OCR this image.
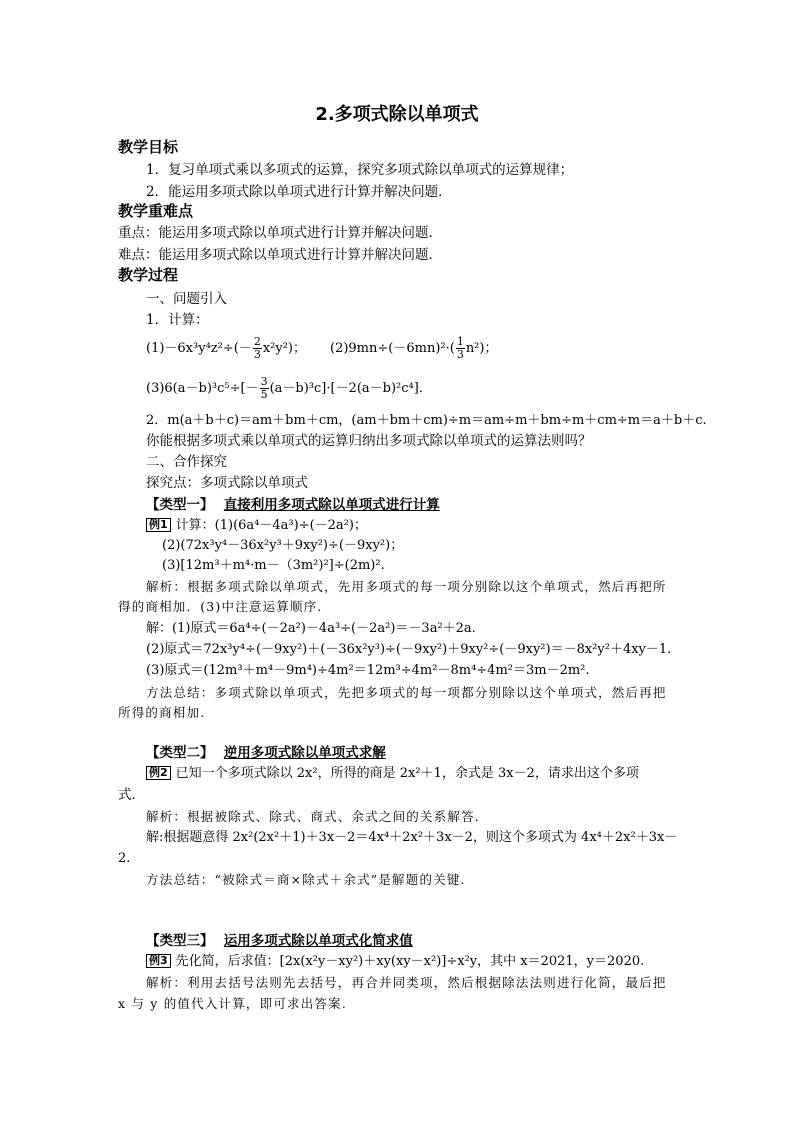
2.多项式除以单项式
教学目标
1．复习单项式乘以多项式的运算，探究多项式除以单项式的运算规律；
2．能运用多项式除以单项式进行计算并解决问题．
教学重难点
重点：能运用多项式除以单项式进行计算并解决问题．
难点：能运用多项式除以单项式进行计算并解决问题．
教学过程
一、问题引入
1．计算：
$(1)-6x^3y^4z^2\div(- \frac{2}{3} x^2y^2)$； $(2)9mn\div(-6mn)^2\cdot( \frac{1}{3} n^2)$；
$(3)6(a-b)^3c^5\div[- \frac{3}{5} (a-b)^3c]\cdot[-2(a-b)^2c^4]$．
2．m(a＋b＋c)＝am＋bm＋cm，(am＋bm＋cm)÷m＝am÷m＋bm÷m＋cm÷m＝a＋b＋c.
你能根据多项式乘以单项式的运算归纳出多项式除以单项式的运算法则吗？
二、合作探究
探究点：多项式除以单项式
【类型一】 直接利用多项式除以单项式进行计算
例1 计算：(1)(6a⁴－4a³)÷(－2a²)；
(2)(72x³y⁴－36x²y³＋9xy²)÷(－9xy²)；
(3)[12m³＋m⁴·m－（3m²)²]÷(2m)².
解析：根据多项式除以单项式，先用多项式的每一项分别除以这个单项式，然后再把所
得的商相加．(3)中注意运算顺序.
解：(1)原式＝6a⁴÷(－2a²)－4a³÷(－2a²)＝－3a²＋2a.
(2)原式＝72x³y⁴÷(－9xy²)＋(－36x²y³)÷(－9xy²)＋9xy²÷(－9xy²)＝－8x²y²＋4xy－1.
(3)原式＝(12m³＋m⁴－9m⁴)÷4m²＝12m³÷4m²－8m⁴÷4m²＝3m－2m².
方法总结：多项式除以单项式，先把多项式的每一项都分别除以这个单项式，然后再把
所得的商相加.
【类型二】 逆用多项式除以单项式求解
例2 已知一个多项式除以 2x²，所得的商是 2x²＋1，余式是 3x－2，请求出这个多项
式．
解析：根据被除式、除式、商式、余式之间的关系解答．
解:根据题意得 2x²(2x²＋1)＋3x－2＝4x⁴＋2x²＋3x－2，则这个多项式为 4x⁴＋2x²＋3x－
2.
方法总结：“被除式＝商×除式＋余式”是解题的关键.
【类型三】 运用多项式除以单项式化简求值
例3 先化简，后求值：[2x(x²y－xy²)＋xy(xy－x²)]÷x²y，其中 x＝2021，y＝2020.
解析：利用去括号法则先去括号，再合并同类项，然后根据除法法则进行化简，最后把
x 与 y 的值代入计算，即可求出答案.
